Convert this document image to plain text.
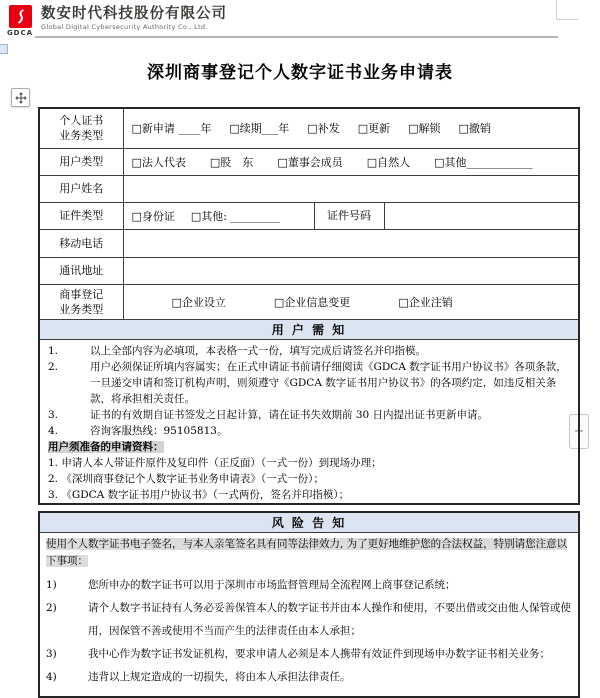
GDCA
数安时代科技股份有限公司
Global Digital Cybersecurity Authority Co., Ltd.
深圳商事登记个人数字证书业务申请表
+
个人证书
业务类型

□新申请 ____年 □续期___年 □补发 □更新 □解锁 □撤销

用户类型	□法人代表 □股　东 □董事会成员 □自然人 □其他____________		

用户姓名			
证件类型	□身份证 □其他: _________	证件号码	
移动电话			
通讯地址			

商事登记
业务类型

□企业设立	□企业信息变更	□企业注销

用 户 需 知			

1.	以上全部内容为必填项，本表格一式一份，填写完成后请签名并印指模。
2.	用户必须保证所填内容属实；在正式申请证书前请仔细阅读《GDCA 数字证书用户协议书》各项条款，一旦递交申请和签订机构声明，则须遵守《GDCA 数字证书用户协议书》的各项约定，如违反相关条款，将承担相关责任。
3.	证书的有效期自证书签发之日起计算，请在证书失效期前 30 日内提出证书更新申请。
4.	咨询客服热线：95105813。
用户须准备的申请资料：
1. 申请人本人带证件原件及复印件（正反面）（一式一份）到现场办理；
2. 《深圳商事登记个人数字证书业务申请表》（一式一份）；
3. 《GDCA 数字证书用户协议书》（一式两份，签名并印指模）；
风 险 告 知

使用个人数字证书电子签名，与本人亲笔签名具有同等法律效力, 为了更好地维护您的合法权益，特别请您注意以下事项：
1)	您所申办的数字证书可以用于深圳市市场监督管理局全流程网上商事登记系统；
2)	请个人数字书证持有人务必妥善保管本人的数字证书并由本人操作和使用，不要出借或交由他人保管或使用，因保管不善或使用不当而产生的法律责任由本人承担；
3)	我中心作为数字证书发证机构，要求申请人必须是本人携带有效证件到现场申办数字证书相关业务；
4)	违背以上规定造成的一切损失，将由本人承担法律责任。
